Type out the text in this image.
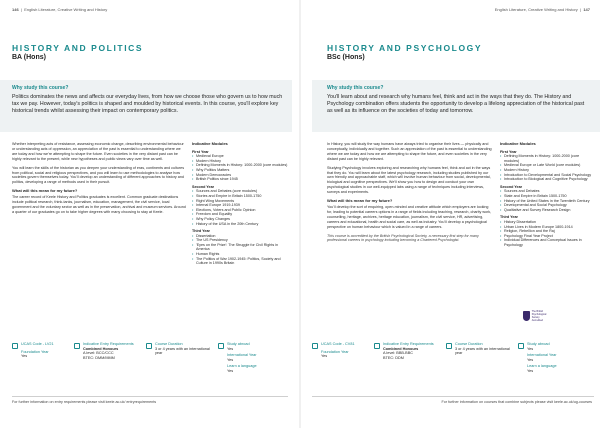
146  |  English Literature, Creative Writing and History
HISTORY AND POLITICS
BA (Hons)
Why study this course?
Politics dominates the news and affects our everyday lives, from how we choose those who govern us to how much tax we pay. However, today's politics is shaped and moulded by historical events. In this course, you'll explore key historical trends whilst assessing their impact on contemporary politics.

Whether interpreting acts of resistance, assessing economic change, describing environmental behaviour or understanding acts of oppression, an appreciation of the past is essential to understanding where we are today and how we're attempting to shape the future. Even societies in the very distant past can be highly relevant to the present, while new hypotheses and public views vary over time as well.

You will learn the skills of the historian as you deepen your understanding of eras, continents and cultures from political, social and religious perspectives, and you will learn to use methodologies to analyse how societies govern themselves today. You'll develop an understanding of different approaches to history and politics, developing a range of methods used in their pursuit.

What will this mean for my future?

The career record of Keele History and Politics graduates is excellent. Common graduate destinations include political research, think-tanks, journalism, education, management, the civil service, local government and the voluntary sector as well as in the preservation, archival and museum services. Around a quarter of our graduates go on to take higher degrees with many choosing to stay at Keele.

Indicative Modules
First Year
• Medieval Europe
• Modern History
• Defining Moments in History: 1000-2000 (core modules)
• Why Politics Matters
• Modern Democracies
• British Politics since 1945
Second Year
• Sources and Debates (core modules)
• Stories and Empire in Britain 1500-1750
• Right Wing Movements
• Internal Europe 1919-1939
• Elections, Voters and Public Opinion
• Freedom and Equality
• Why Policy Changes
• History of the USA in the 20th Century
Third Year
• Dissertation
• The US Presidency
• 'Eyes on the Prize': The Struggle for Civil Rights in America
• Human Rights
• The Politics of War 1902-1945: Politics, Society and Culture in 1990s Britain
UCAS Code - LV21
Foundation Year
Yes
Indicative Entry Requirements
Combined Honours
A level: BCC/CCC
BTEC: DMM/MMM
Course Duration
3 or 4 years with an international year
Study abroad
Yes
International Year
Yes
Learn a language
Yes
For further information on entry requirements please visit keele.ac.uk/ entryrequirements
English Literature, Creative Writing and History  |  147
HISTORY AND PSYCHOLOGY
BSc (Hons)
Why study this course?
You'll learn about and research why humans feel, think and act in the ways that they do. The History and Psychology combination offers students the opportunity to develop a lifelong appreciation of the historical past as well as its influence on the societies of today and tomorrow.

In History, you will study the way humans have always tried to organise their lives — physically and conceptually, individually and together. Such an appreciation of the past is essential to understanding where we are today and how we are attempting to shape the future, and even societies in the very distant past can be highly relevant.

Studying Psychology involves exploring and researching why humans feel, think and act in the ways that they do. You will learn about the latest psychology research, including studies published by our own friendly and approachable staff, which will involve human behaviour from social, developmental, biological and cognitive perspectives. We'll show you how to design and conduct your own psychological studies in our well-equipped labs using a range of techniques including interviews, surveys and experiments.

What will this mean for my future?

You'll develop the sort of enquiring, open-minded and creative attitude which employers are looking for, leading to potential careers options in a range of fields including teaching, research, charity work, counselling, heritage, archives, heritage education, journalism, the civil service, HR, advertising, careers and educational, health and social care, as well as industry. You'll develop a psychological perspective on human behaviour which is valued in a range of careers.

This course is accredited by the British Psychological Society, a necessary first step for many professional careers in psychology including becoming a Chartered Psychologist.

Indicative Modules
First Year
• Defining Moments in History: 1000-2000 (core modules)
• Medieval Europe or Late World (core modules)
• Modern History
• Introduction to Developmental and Social Psychology
• Introduction to Biological and Cognitive Psychology
Second Year
• Sources and Debates
• State and Empire in Britain 1500-1750
• History of the United States in the Twentieth Century
• Developmental and Social Psychology
• Qualitative and Survey Research Design
Third Year
• History Dissertation
• Urban Lives in Modern Europe 1800-1914
• Religion, Rebellion and the Raj
• Psychology Final Year Project
• Individual Differences and Conceptual Issues in Psychology
UCAS Code - CV81
Foundation Year
Yes
Indicative Entry Requirements
Combined Honours
A level: BBB-BBC
BTEC: DDM
Course Duration
3 or 4 years with an international year
Study abroad
Yes
International Year
Yes
Learn a language
Yes
For further information on courses that combine subjects please visit keele.ac.uk/ug-courses
The British
Psychological Society
Accredited
